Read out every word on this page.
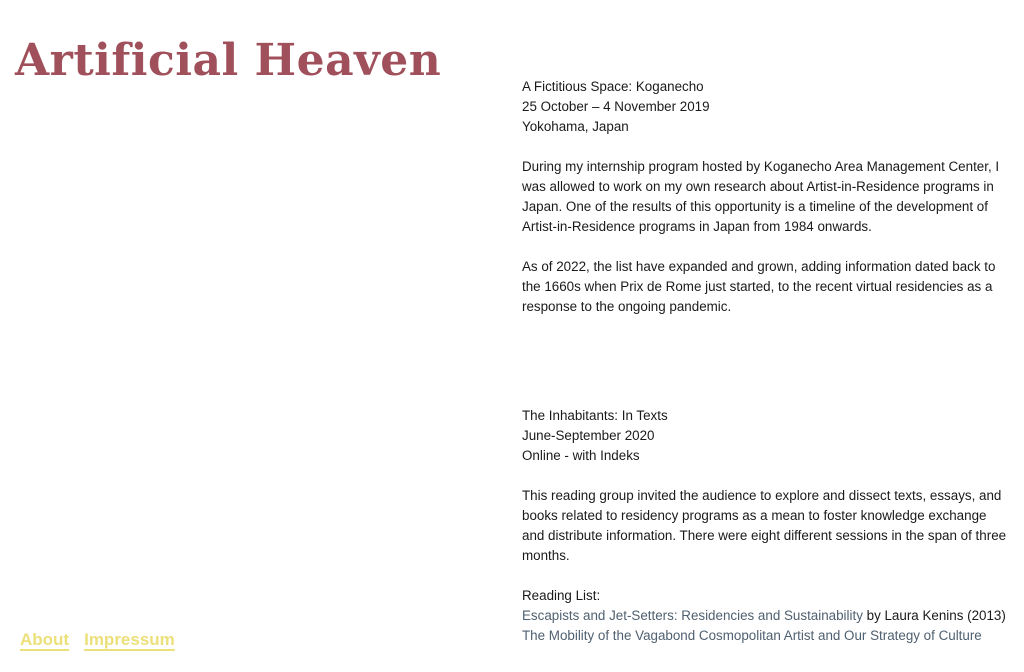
Artificial Heaven
About Impressum

A Fictitious Space: Koganecho

25 October – 4 November 2019

Yokohama, Japan

During my internship program hosted by Koganecho Area Management Center, I was allowed to work on my own research about Artist-in-Residence programs in Japan. One of the results of this opportunity is a timeline of the development of Artist-in-Residence programs in Japan from 1984 onwards.

As of 2022, the list have expanded and grown, adding information dated back to the 1660s when Prix de Rome just started, to the recent virtual residencies as a response to the ongoing pandemic.

The Inhabitants: In Texts

June-September 2020

Online - with Indeks

This reading group invited the audience to explore and dissect texts, essays, and books related to residency programs as a mean to foster knowledge exchange and distribute information. There were eight different sessions in the span of three months.

Reading List:

Escapists and Jet-Setters: Residencies and Sustainability by Laura Kenins (2013)

The Mobility of the Vagabond Cosmopolitan Artist and Our Strategy of Culture
